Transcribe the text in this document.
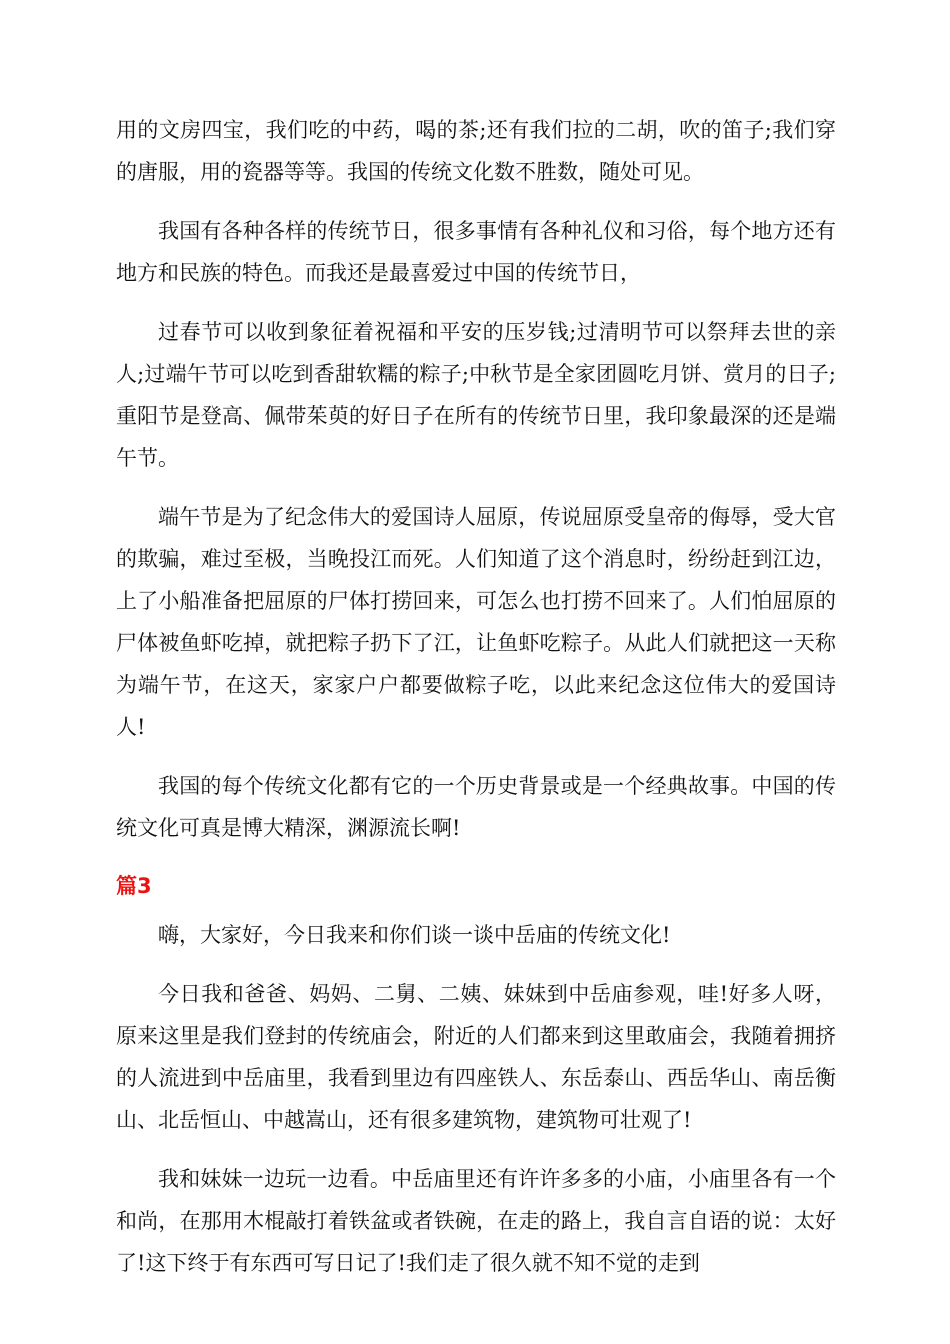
用的文房四宝，我们吃的中药，喝的茶;还有我们拉的二胡，吹的笛子;我们穿的唐服，用的瓷器等等。我国的传统文化数不胜数，随处可见。

我国有各种各样的传统节日，很多事情有各种礼仪和习俗，每个地方还有地方和民族的特色。而我还是最喜爱过中国的传统节日，

过春节可以收到象征着祝福和平安的压岁钱;过清明节可以祭拜去世的亲人;过端午节可以吃到香甜软糯的粽子;中秋节是全家团圆吃月饼、赏月的日子;重阳节是登高、佩带茱萸的好日子在所有的传统节日里，我印象最深的还是端午节。

端午节是为了纪念伟大的爱国诗人屈原，传说屈原受皇帝的侮辱，受大官的欺骗，难过至极，当晚投江而死。人们知道了这个消息时，纷纷赶到江边，上了小船准备把屈原的尸体打捞回来，可怎么也打捞不回来了。人们怕屈原的尸体被鱼虾吃掉，就把粽子扔下了江，让鱼虾吃粽子。从此人们就把这一天称为端午节，在这天，家家户户都要做粽子吃，以此来纪念这位伟大的爱国诗人!

我国的每个传统文化都有它的一个历史背景或是一个经典故事。中国的传统文化可真是博大精深，渊源流长啊!

篇3

嗨，大家好，今日我来和你们谈一谈中岳庙的传统文化!

今日我和爸爸、妈妈、二舅、二姨、妹妹到中岳庙参观，哇!好多人呀，原来这里是我们登封的传统庙会，附近的人们都来到这里敢庙会，我随着拥挤的人流进到中岳庙里，我看到里边有四座铁人、东岳泰山、西岳华山、南岳衡山、北岳恒山、中越嵩山，还有很多建筑物，建筑物可壮观了!

我和妹妹一边玩一边看。中岳庙里还有许许多多的小庙，小庙里各有一个和尚，在那用木棍敲打着铁盆或者铁碗，在走的路上，我自言自语的说：太好了!这下终于有东西可写日记了!我们走了很久就不知不觉的走到
